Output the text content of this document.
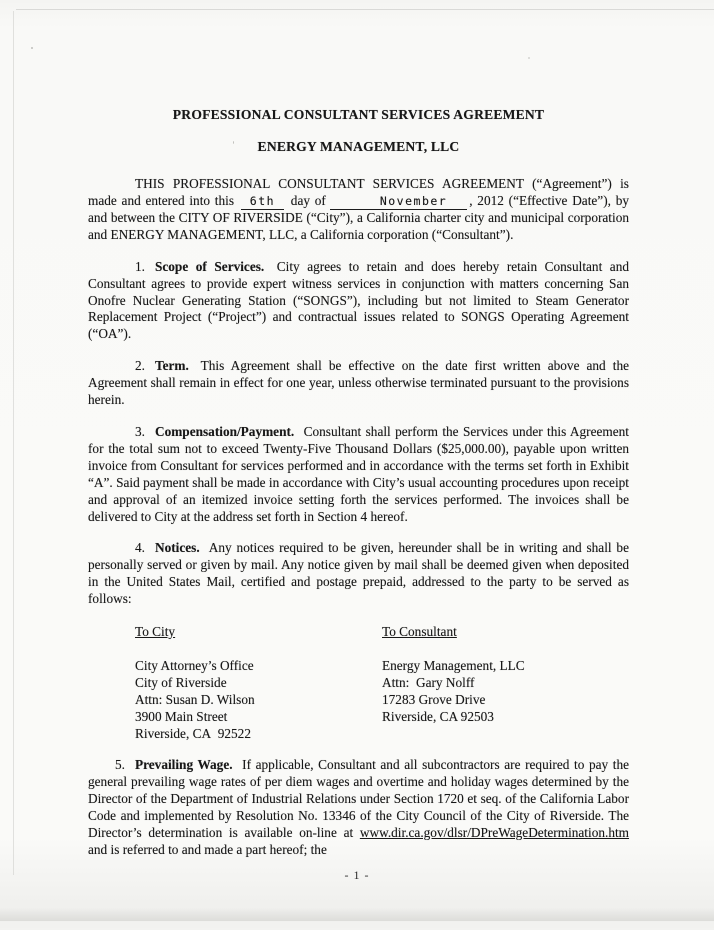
PROFESSIONAL CONSULTANT SERVICES AGREEMENT
ENERGY MANAGEMENT, LLC

THIS PROFESSIONAL CONSULTANT SERVICES AGREEMENT (“Agreement”) is made and entered into this 6th day of	November , 2012 (“Effective Date”), by and between the CITY OF RIVERSIDE (“City”), a California charter city and municipal corporation and ENERGY MANAGEMENT, LLC, a California corporation (“Consultant”).

1. Scope of Services. City agrees to retain and does hereby retain Consultant and Consultant agrees to provide expert witness services in conjunction with matters concerning San Onofre Nuclear Generating Station (“SONGS”), including but not limited to Steam Generator Replacement Project (“Project”) and contractual issues related to SONGS Operating Agreement (“OA”).

2. Term. This Agreement shall be effective on the date first written above and the Agreement shall remain in effect for one year, unless otherwise terminated pursuant to the provisions herein.

3. Compensation/Payment. Consultant shall perform the Services under this Agreement for the total sum not to exceed Twenty-Five Thousand Dollars ($25,000.00), payable upon written invoice from Consultant for services performed and in accordance with the terms set forth in Exhibit “A”. Said payment shall be made in accordance with City’s usual accounting procedures upon receipt and approval of an itemized invoice setting forth the services performed. The invoices shall be delivered to City at the address set forth in Section 4 hereof.

4. Notices. Any notices required to be given, hereunder shall be in writing and shall be personally served or given by mail. Any notice given by mail shall be deemed given when deposited in the United States Mail, certified and postage prepaid, addressed to the party to be served as follows:

To City
City Attorney’s Office
City of Riverside
Attn: Susan D. Wilson
3900 Main Street
Riverside, CA  92522
To Consultant
Energy Management, LLC
Attn:  Gary Nolff
17283 Grove Drive
Riverside, CA 92503

5. Prevailing Wage. If applicable, Consultant and all subcontractors are required to pay the general prevailing wage rates of per diem wages and overtime and holiday wages determined by the Director of the Department of Industrial Relations under Section 1720 et seq. of the California Labor Code and implemented by Resolution No. 13346 of the City Council of the City of Riverside. The Director’s determination is available on-line at www.dir.ca.gov/dlsr/DPreWageDetermination.htm and is referred to and made a part hereof; the

- 1 -
